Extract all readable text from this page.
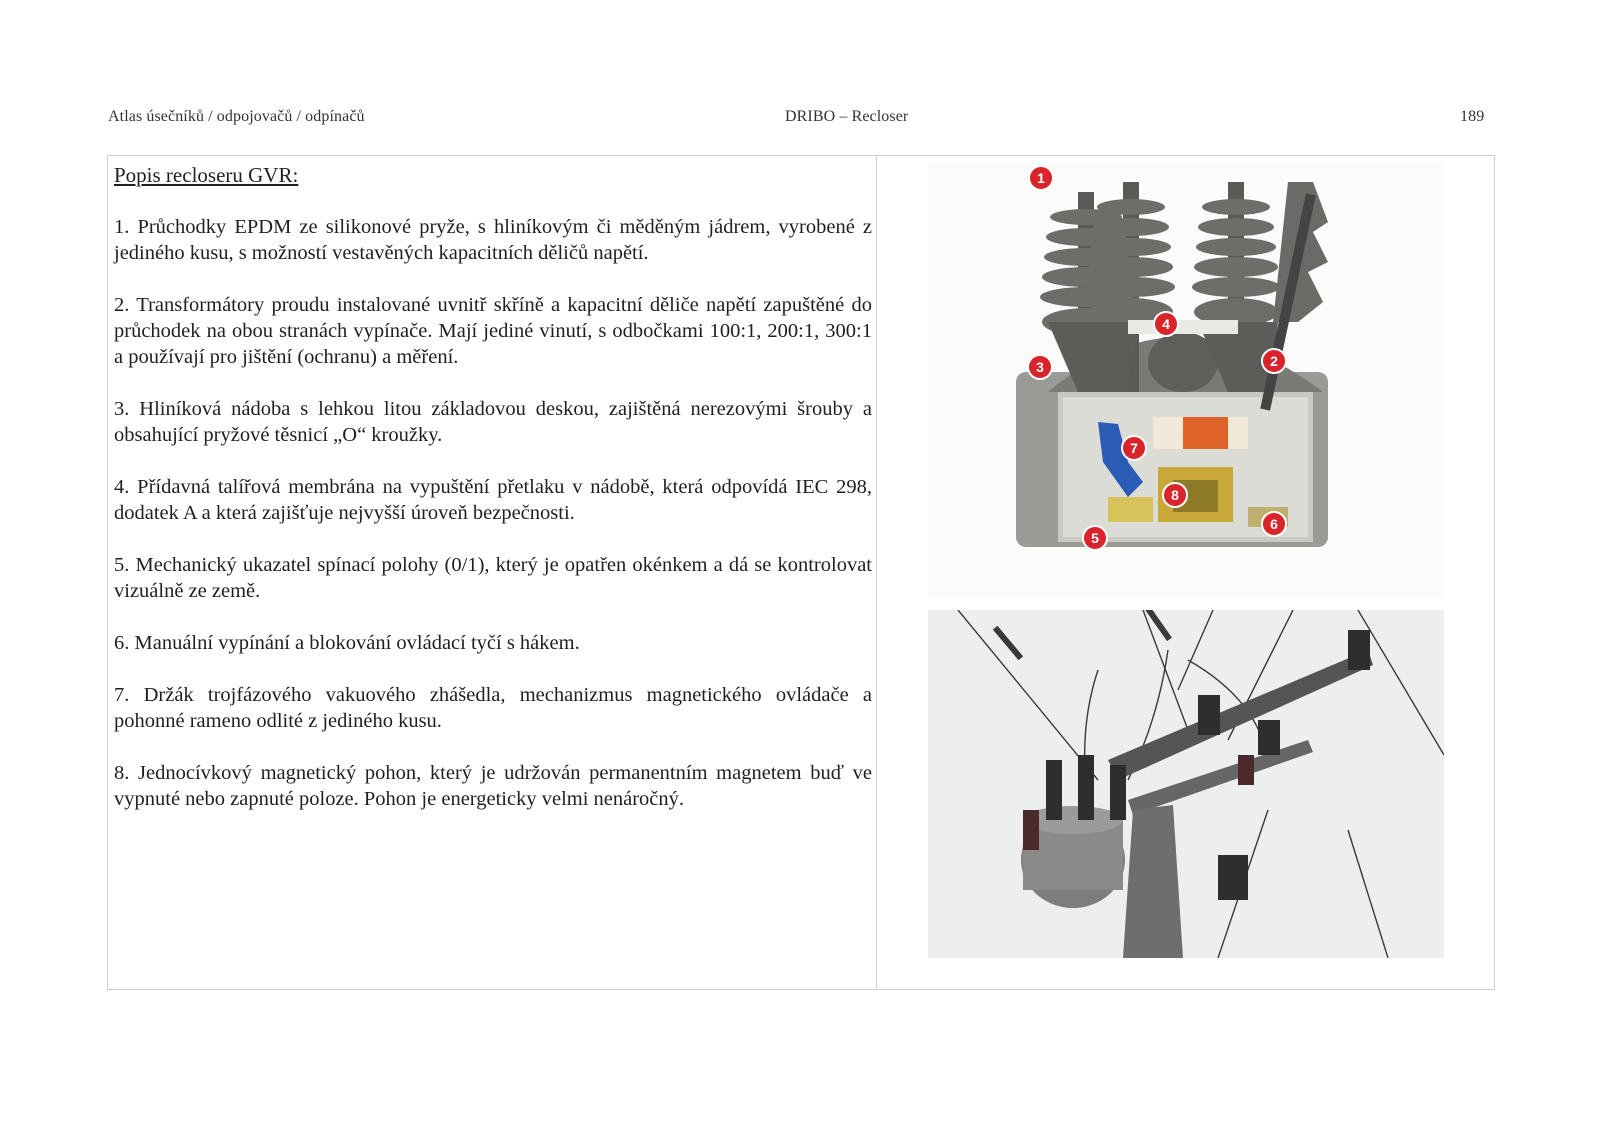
Atlas úsečníků / odpojovačů / odpínačů	DRIBO – Recloser	189
Popis recloseru GVR:
1. Průchodky EPDM ze silikonové pryže, s hliníkovým či měděným jádrem, vyrobené z jediného kusu, s možností vestavěných kapacitních děličů napětí.
2. Transformátory proudu instalované uvnitř skříně a kapacitní děliče napětí zapuštěné do průchodek na obou stranách vypínače. Mají jediné vinutí, s odbočkami 100:1, 200:1, 300:1 a používají pro jištění (ochranu) a měření.
3. Hliníková nádoba s lehkou litou základovou deskou, zajištěná nerezovými šrouby a obsahující pryžové těsnicí „O“ kroužky.
4. Přídavná talířová membrána na vypuštění přetlaku v nádobě, která odpovídá IEC 298, dodatek A a která zajišťuje nejvyšší úroveň bezpečnosti.
5. Mechanický ukazatel spínací polohy (0/1), který je opatřen okénkem a dá se kontrolovat vizuálně ze země.
6. Manuální vypínání a blokování ovládací tyčí s hákem.
7. Držák trojfázového vakuového zhášedla, mechanizmus magnetického ovládače a pohonné rameno odlité z jediného kusu.
8. Jednocívkový magnetický pohon, který je udržován permanentním magnetem buď ve vypnuté nebo zapnuté poloze. Pohon je energeticky velmi nenáročný.
1
2
3
4
5
6
7
8
